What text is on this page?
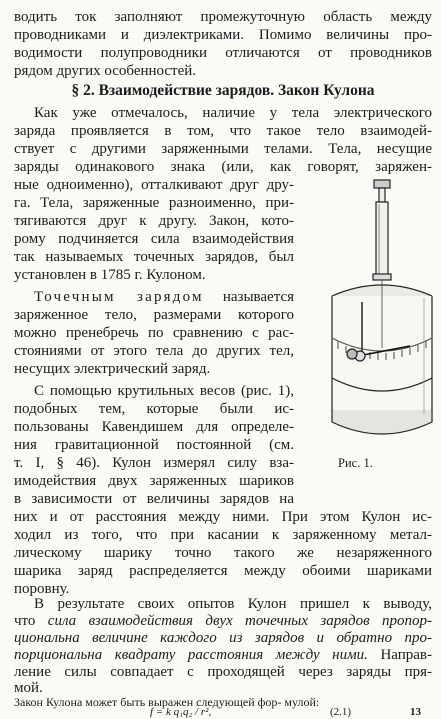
водить ток заполняют промежуточную область между
проводниками и диэлектриками. Помимо величины про-
водимости полупроводники отличаются от проводников
рядом других особенностей.
§ 2. Взаимодействие зарядов. Закон Кулона
Как уже отмечалось, наличие у тела электрического
заряда проявляется в том, что такое тело взаимодей-
ствует с другими заряженными телами. Тела, несущие
заряды одинакового знака (или, как говорят, заряжен-
ные одноименно), отталкивают друг дру-
га. Тела, заряженные разноименно, при-
тягиваются друг к другу. Закон, кото-
рому подчиняется сила взаимодействия
так называемых точечных зарядов, был
установлен в 1785 г. Кулоном.
Точечным зарядом называется
заряженное тело, размерами которого
можно пренебречь по сравнению с рас-
стояниями от этого тела до других тел,
несущих электрический заряд.
С помощью крутильных весов (рис. 1),
подобных тем, которые были ис-
пользованы Кавендишем для определе-
ния гравитационной постоянной (см.
т. I, § 46). Кулон измерял силу вза-
имодействия двух заряженных шариков
в зависимости от величины зарядов на
Рис. 1.
них и от расстояния между ними. При этом Кулон ис-
ходил из того, что при касании к заряженному метал-
лическому шарику точно такого же незаряженного
шарика заряд распределяется между обоими шариками
поровну.
В результате своих опытов Кулон пришел к выводу,
что сила взаимодействия двух точечных зарядов пропор-
циональна величине каждого из зарядов и обратно про-
порциональна квадрату расстояния между ними. Направ-
ление силы совпадает с проходящей через заряды пря-
мой.
Закон Кулона может быть выражен следующей фор- мулой:
f = k q₁q₂ / r²,	(2.1)	13
